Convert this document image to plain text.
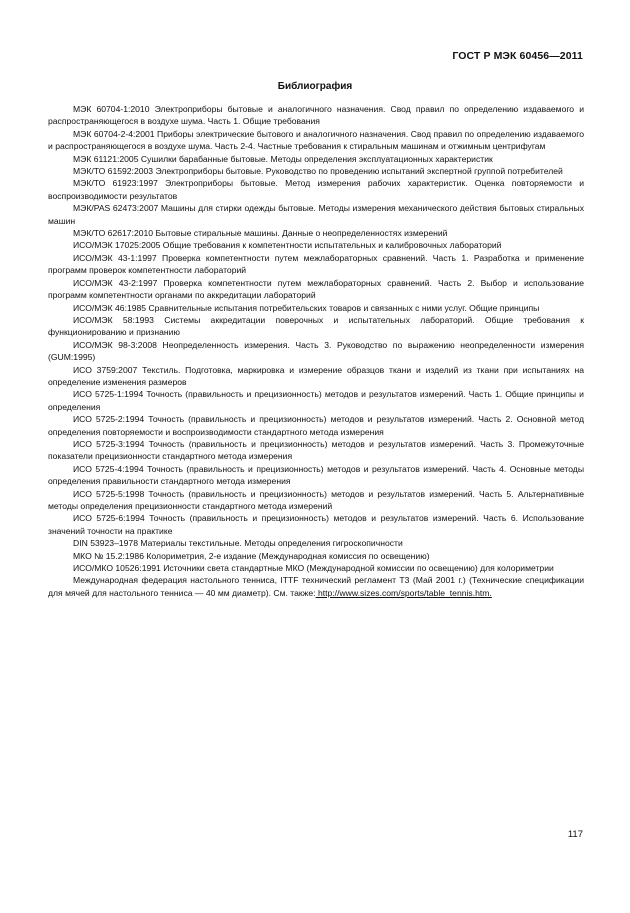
ГОСТ Р МЭК 60456—2011
Библиография

МЭК 60704-1:2010 Электроприборы бытовые и аналогичного назначения. Свод правил по определению издаваемого и распространяющегося в воздухе шума. Часть 1. Общие требования

МЭК 60704-2-4:2001 Приборы электрические бытового и аналогичного назначения. Свод правил по определению издаваемого и распространяющегося в воздухе шума. Часть 2-4. Частные требования к стиральным машинам и отжимным центрифугам

МЭК 61121:2005 Сушилки барабанные бытовые. Методы определения эксплуатационных характеристик

МЭК/ТО 61592:2003 Электроприборы бытовые. Руководство по проведению испытаний экспертной группой потребителей

МЭК/ТО 61923:1997 Электроприборы бытовые. Метод измерения рабочих характеристик. Оценка повторяемости и воспроизводимости результатов

МЭК/PAS 62473:2007 Машины для стирки одежды бытовые. Методы измерения механического действия бытовых стиральных машин

МЭК/ТО 62617:2010 Бытовые стиральные машины. Данные о неопределенностях измерений

ИСО/МЭК 17025:2005 Общие требования к компетентности испытательных и калибровочных лабораторий

ИСО/МЭК 43-1:1997 Проверка компетентности путем межлабораторных сравнений. Часть 1. Разработка и применение программ проверок компетентности лабораторий

ИСО/МЭК 43-2:1997 Проверка компетентности путем межлабораторных сравнений. Часть 2. Выбор и использование программ компетентности органами по аккредитации лабораторий

ИСО/МЭК 46:1985 Сравнительные испытания потребительских товаров и связанных с ними услуг. Общие принципы

ИСО/МЭК 58:1993 Системы аккредитации поверочных и испытательных лабораторий. Общие требования к функционированию и признанию

ИСО/МЭК 98-3:2008 Неопределенность измерения. Часть 3. Руководство по выражению неопределенности измерения (GUM:1995)

ИСО 3759:2007 Текстиль. Подготовка, маркировка и измерение образцов ткани и изделий из ткани при испытаниях на определение изменения размеров

ИСО 5725-1:1994 Точность (правильность и прецизионность) методов и результатов измерений. Часть 1. Общие принципы и определения

ИСО 5725-2:1994 Точность (правильность и прецизионность) методов и результатов измерений. Часть 2. Основной метод определения повторяемости и воспроизводимости стандартного метода измерения

ИСО 5725-3:1994 Точность (правильность и прецизионность) методов и результатов измерений. Часть 3. Промежуточные показатели прецизионности стандартного метода измерения

ИСО 5725-4:1994 Точность (правильность и прецизионность) методов и результатов измерений. Часть 4. Основные методы определения правильности стандартного метода измерения

ИСО 5725-5:1998 Точность (правильность и прецизионность) методов и результатов измерений. Часть 5. Альтернативные методы определения прецизионности стандартного метода измерений

ИСО 5725-6:1994 Точность (правильность и прецизионность) методов и результатов измерений. Часть 6. Использование значений точности на практике

DIN 53923–1978 Материалы текстильные. Методы определения гигроскопичности

МКО № 15.2:1986 Колориметрия, 2-е издание (Международная комиссия по освещению)

ИСО/МКО 10526:1991 Источники света стандартные МКО (Международной комиссии по освещению) для колориметрии

Международная федерация настольного тенниса, ITTF технический регламент Т3 (Май 2001 г.) (Технические спецификации для мячей для настольного тенниса — 40 мм диаметр). См. также: http://www.sizes.com/sports/table_tennis.htm.

117
